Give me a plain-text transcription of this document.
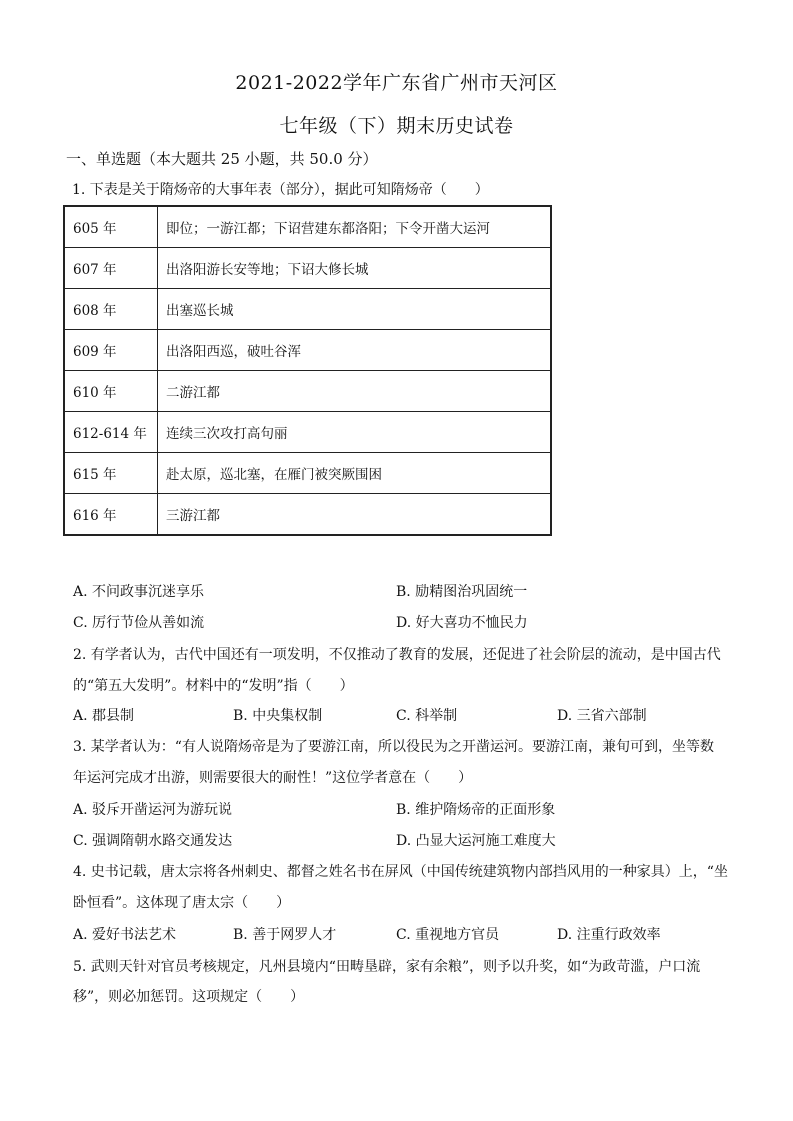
2021-2022学年广东省广州市天河区
七年级（下）期末历史试卷
一、单选题（本大题共 25 小题，共 50.0 分）
1. 下表是关于隋炀帝的大事年表（部分），据此可知隋炀帝（　　）
605 年	即位；一游江都；下诏营建东都洛阳；下令开凿大运河
607 年	出洛阳游长安等地；下诏大修长城
608 年	出塞巡长城
609 年	出洛阳西巡，破吐谷浑
610 年	二游江都
612-614 年	连续三次攻打高句丽
615 年	赴太原，巡北塞，在雁门被突厥围困
616 年	三游江都
A. 不问政事沉迷享乐	B. 励精图治巩固统一
C. 厉行节俭从善如流	D. 好大喜功不恤民力
2. 有学者认为，古代中国还有一项发明，不仅推动了教育的发展，还促进了社会阶层的流动，是中国古代
的“第五大发明”。材料中的“发明”指（　　）
A. 郡县制	B. 中央集权制	C. 科举制	D. 三省六部制
3. 某学者认为：“有人说隋炀帝是为了要游江南，所以役民为之开凿运河。要游江南，兼旬可到，坐等数
年运河完成才出游，则需要很大的耐性！”这位学者意在（　　）
A. 驳斥开凿运河为游玩说	B. 维护隋炀帝的正面形象
C. 强调隋朝水路交通发达	D. 凸显大运河施工难度大
4. 史书记载，唐太宗将各州刺史、都督之姓名书在屏风（中国传统建筑物内部挡风用的一种家具）上，“坐
卧恒看”。这体现了唐太宗（　　）
A. 爱好书法艺术	B. 善于网罗人才	C. 重视地方官员	D. 注重行政效率
5. 武则天针对官员考核规定，凡州县境内“田畴垦辟，家有余粮”，则予以升奖，如“为政苛滥，户口流
移”，则必加惩罚。这项规定（　　）
